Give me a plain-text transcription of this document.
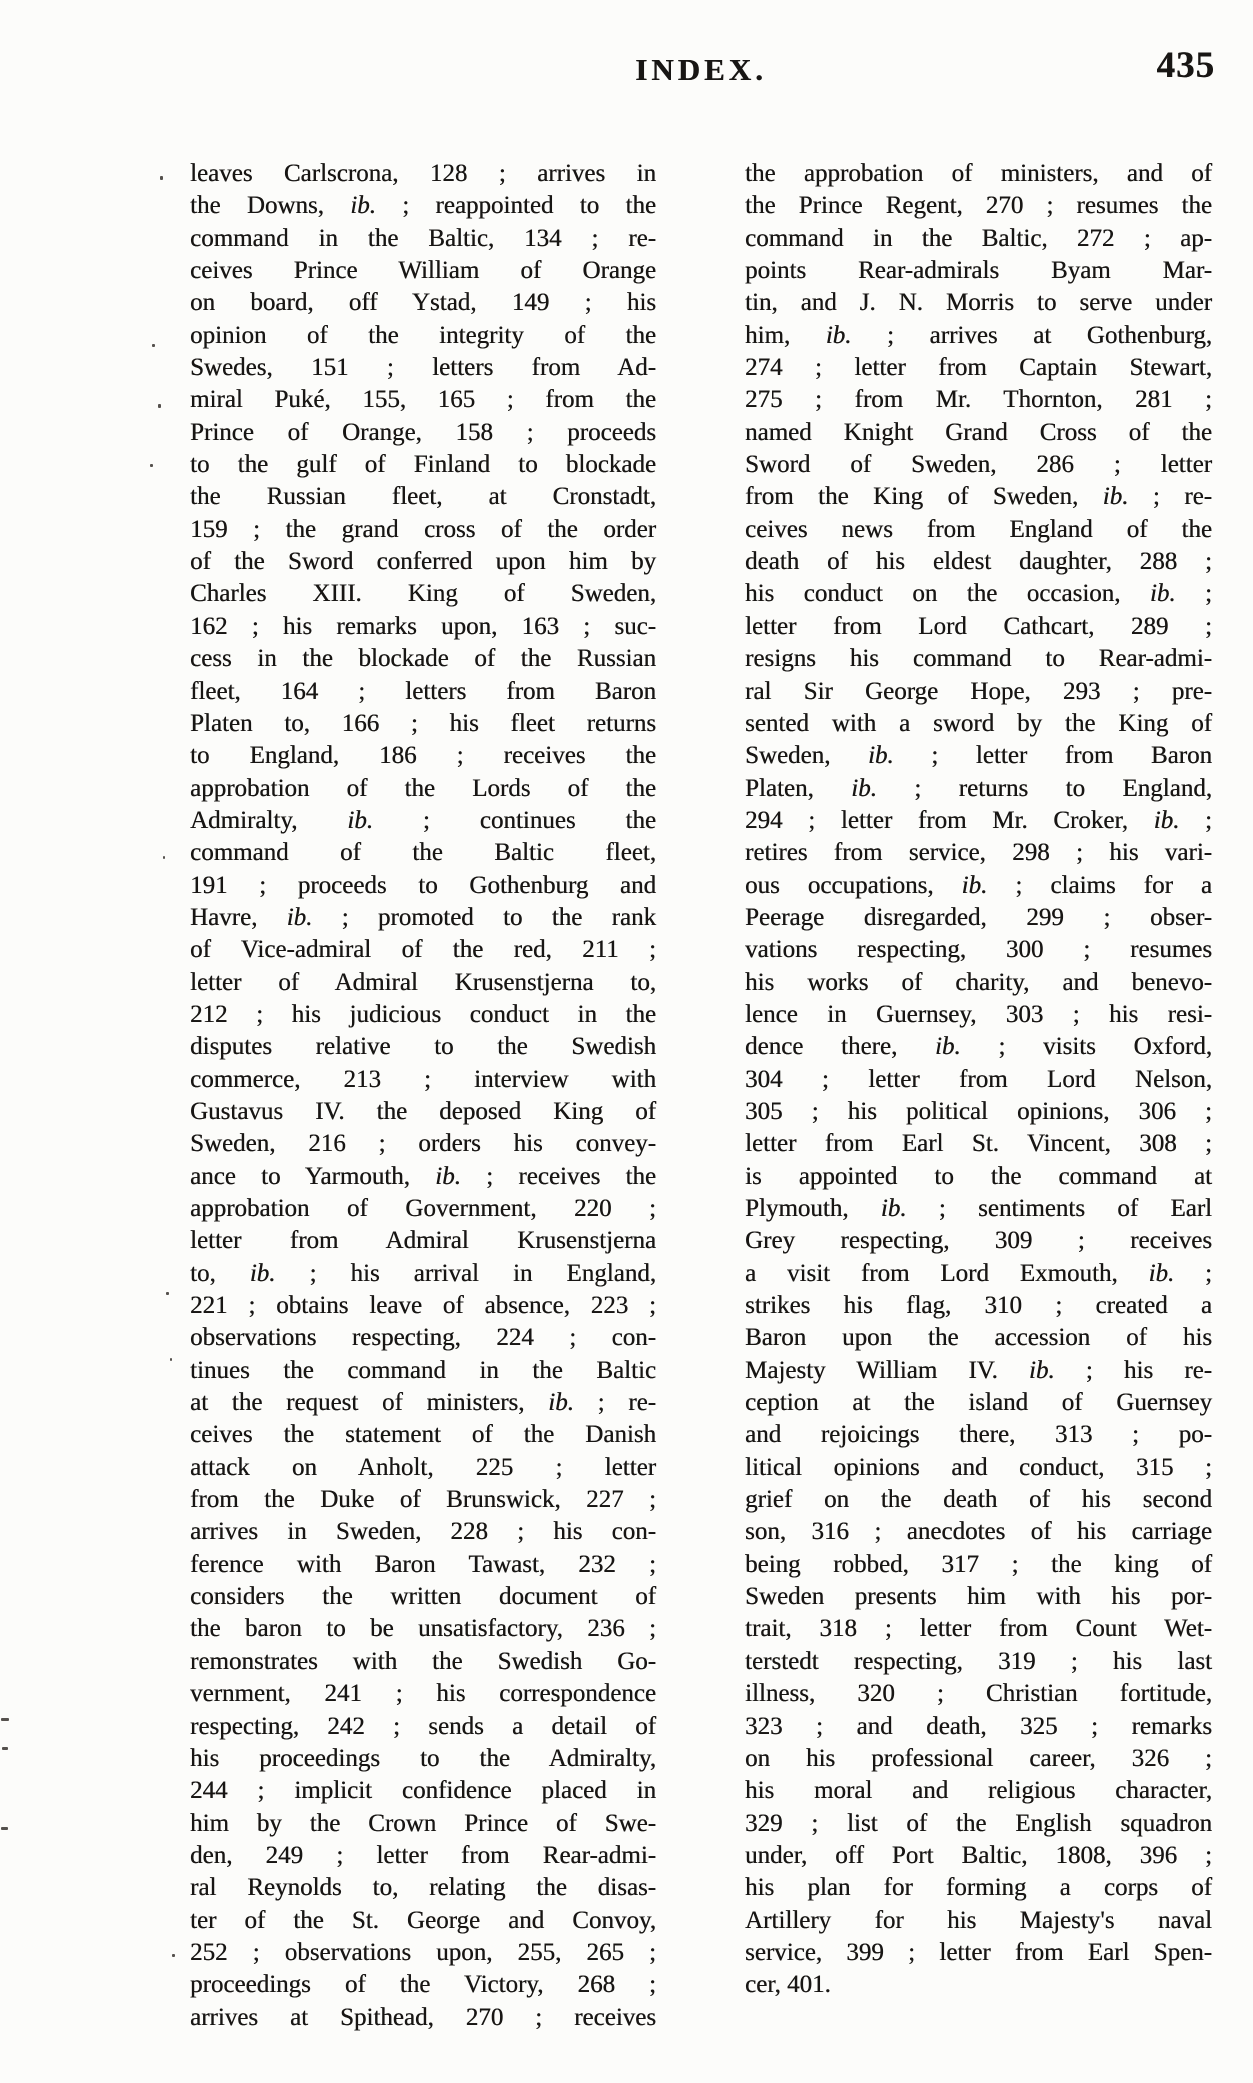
INDEX.	435
leaves Carlscrona, 128 ; arrives in
the Downs, ib. ; reappointed to the
command in the Baltic, 134 ; re-
ceives Prince William of Orange
on board, off Ystad, 149 ; his
opinion of the integrity of the
Swedes, 151 ; letters from Ad-
miral Puké, 155, 165 ; from the
Prince of Orange, 158 ; proceeds
to the gulf of Finland to blockade
the Russian fleet, at Cronstadt,
159 ; the grand cross of the order
of the Sword conferred upon him by
Charles XIII. King of Sweden,
162 ; his remarks upon, 163 ; suc-
cess in the blockade of the Russian
fleet, 164 ; letters from Baron
Platen to, 166 ; his fleet returns
to England, 186 ; receives the
approbation of the Lords of the
Admiralty, ib. ; continues the
command of the Baltic fleet,
191 ; proceeds to Gothenburg and
Havre, ib. ; promoted to the rank
of Vice-admiral of the red, 211 ;
letter of Admiral Krusenstjerna to,
212 ; his judicious conduct in the
disputes relative to the Swedish
commerce, 213 ; interview with
Gustavus IV. the deposed King of
Sweden, 216 ; orders his convey-
ance to Yarmouth, ib. ; receives the
approbation of Government, 220 ;
letter from Admiral Krusenstjerna
to, ib. ; his arrival in England,
221 ; obtains leave of absence, 223 ;
observations respecting, 224 ; con-
tinues the command in the Baltic
at the request of ministers, ib. ; re-
ceives the statement of the Danish
attack on Anholt, 225 ; letter
from the Duke of Brunswick, 227 ;
arrives in Sweden, 228 ; his con-
ference with Baron Tawast, 232 ;
considers the written document of
the baron to be unsatisfactory, 236 ;
remonstrates with the Swedish Go-
vernment, 241 ; his correspondence
respecting, 242 ; sends a detail of
his proceedings to the Admiralty,
244 ; implicit confidence placed in
him by the Crown Prince of Swe-
den, 249 ; letter from Rear-admi-
ral Reynolds to, relating the disas-
ter of the St. George and Convoy,
252 ; observations upon, 255, 265 ;
proceedings of the Victory, 268 ;
arrives at Spithead, 270 ; receives
the approbation of ministers, and of
the Prince Regent, 270 ; resumes the
command in the Baltic, 272 ; ap-
points Rear-admirals Byam Mar-
tin, and J. N. Morris to serve under
him, ib. ; arrives at Gothenburg,
274 ; letter from Captain Stewart,
275 ; from Mr. Thornton, 281 ;
named Knight Grand Cross of the
Sword of Sweden, 286 ; letter
from the King of Sweden, ib. ; re-
ceives news from England of the
death of his eldest daughter, 288 ;
his conduct on the occasion, ib. ;
letter from Lord Cathcart, 289 ;
resigns his command to Rear-admi-
ral Sir George Hope, 293 ; pre-
sented with a sword by the King of
Sweden, ib. ; letter from Baron
Platen, ib. ; returns to England,
294 ; letter from Mr. Croker, ib. ;
retires from service, 298 ; his vari-
ous occupations, ib. ; claims for a
Peerage disregarded, 299 ; obser-
vations respecting, 300 ; resumes
his works of charity, and benevo-
lence in Guernsey, 303 ; his resi-
dence there, ib. ; visits Oxford,
304 ; letter from Lord Nelson,
305 ; his political opinions, 306 ;
letter from Earl St. Vincent, 308 ;
is appointed to the command at
Plymouth, ib. ; sentiments of Earl
Grey respecting, 309 ; receives
a visit from Lord Exmouth, ib. ;
strikes his flag, 310 ; created a
Baron upon the accession of his
Majesty William IV. ib. ; his re-
ception at the island of Guernsey
and rejoicings there, 313 ; po-
litical opinions and conduct, 315 ;
grief on the death of his second
son, 316 ; anecdotes of his carriage
being robbed, 317 ; the king of
Sweden presents him with his por-
trait, 318 ; letter from Count Wet-
terstedt respecting, 319 ; his last
illness, 320 ; Christian fortitude,
323 ; and death, 325 ; remarks
on his professional career, 326 ;
his moral and religious character,
329 ; list of the English squadron
under, off Port Baltic, 1808, 396 ;
his plan for forming a corps of
Artillery for his Majesty's naval
service, 399 ; letter from Earl Spen-
cer, 401.
